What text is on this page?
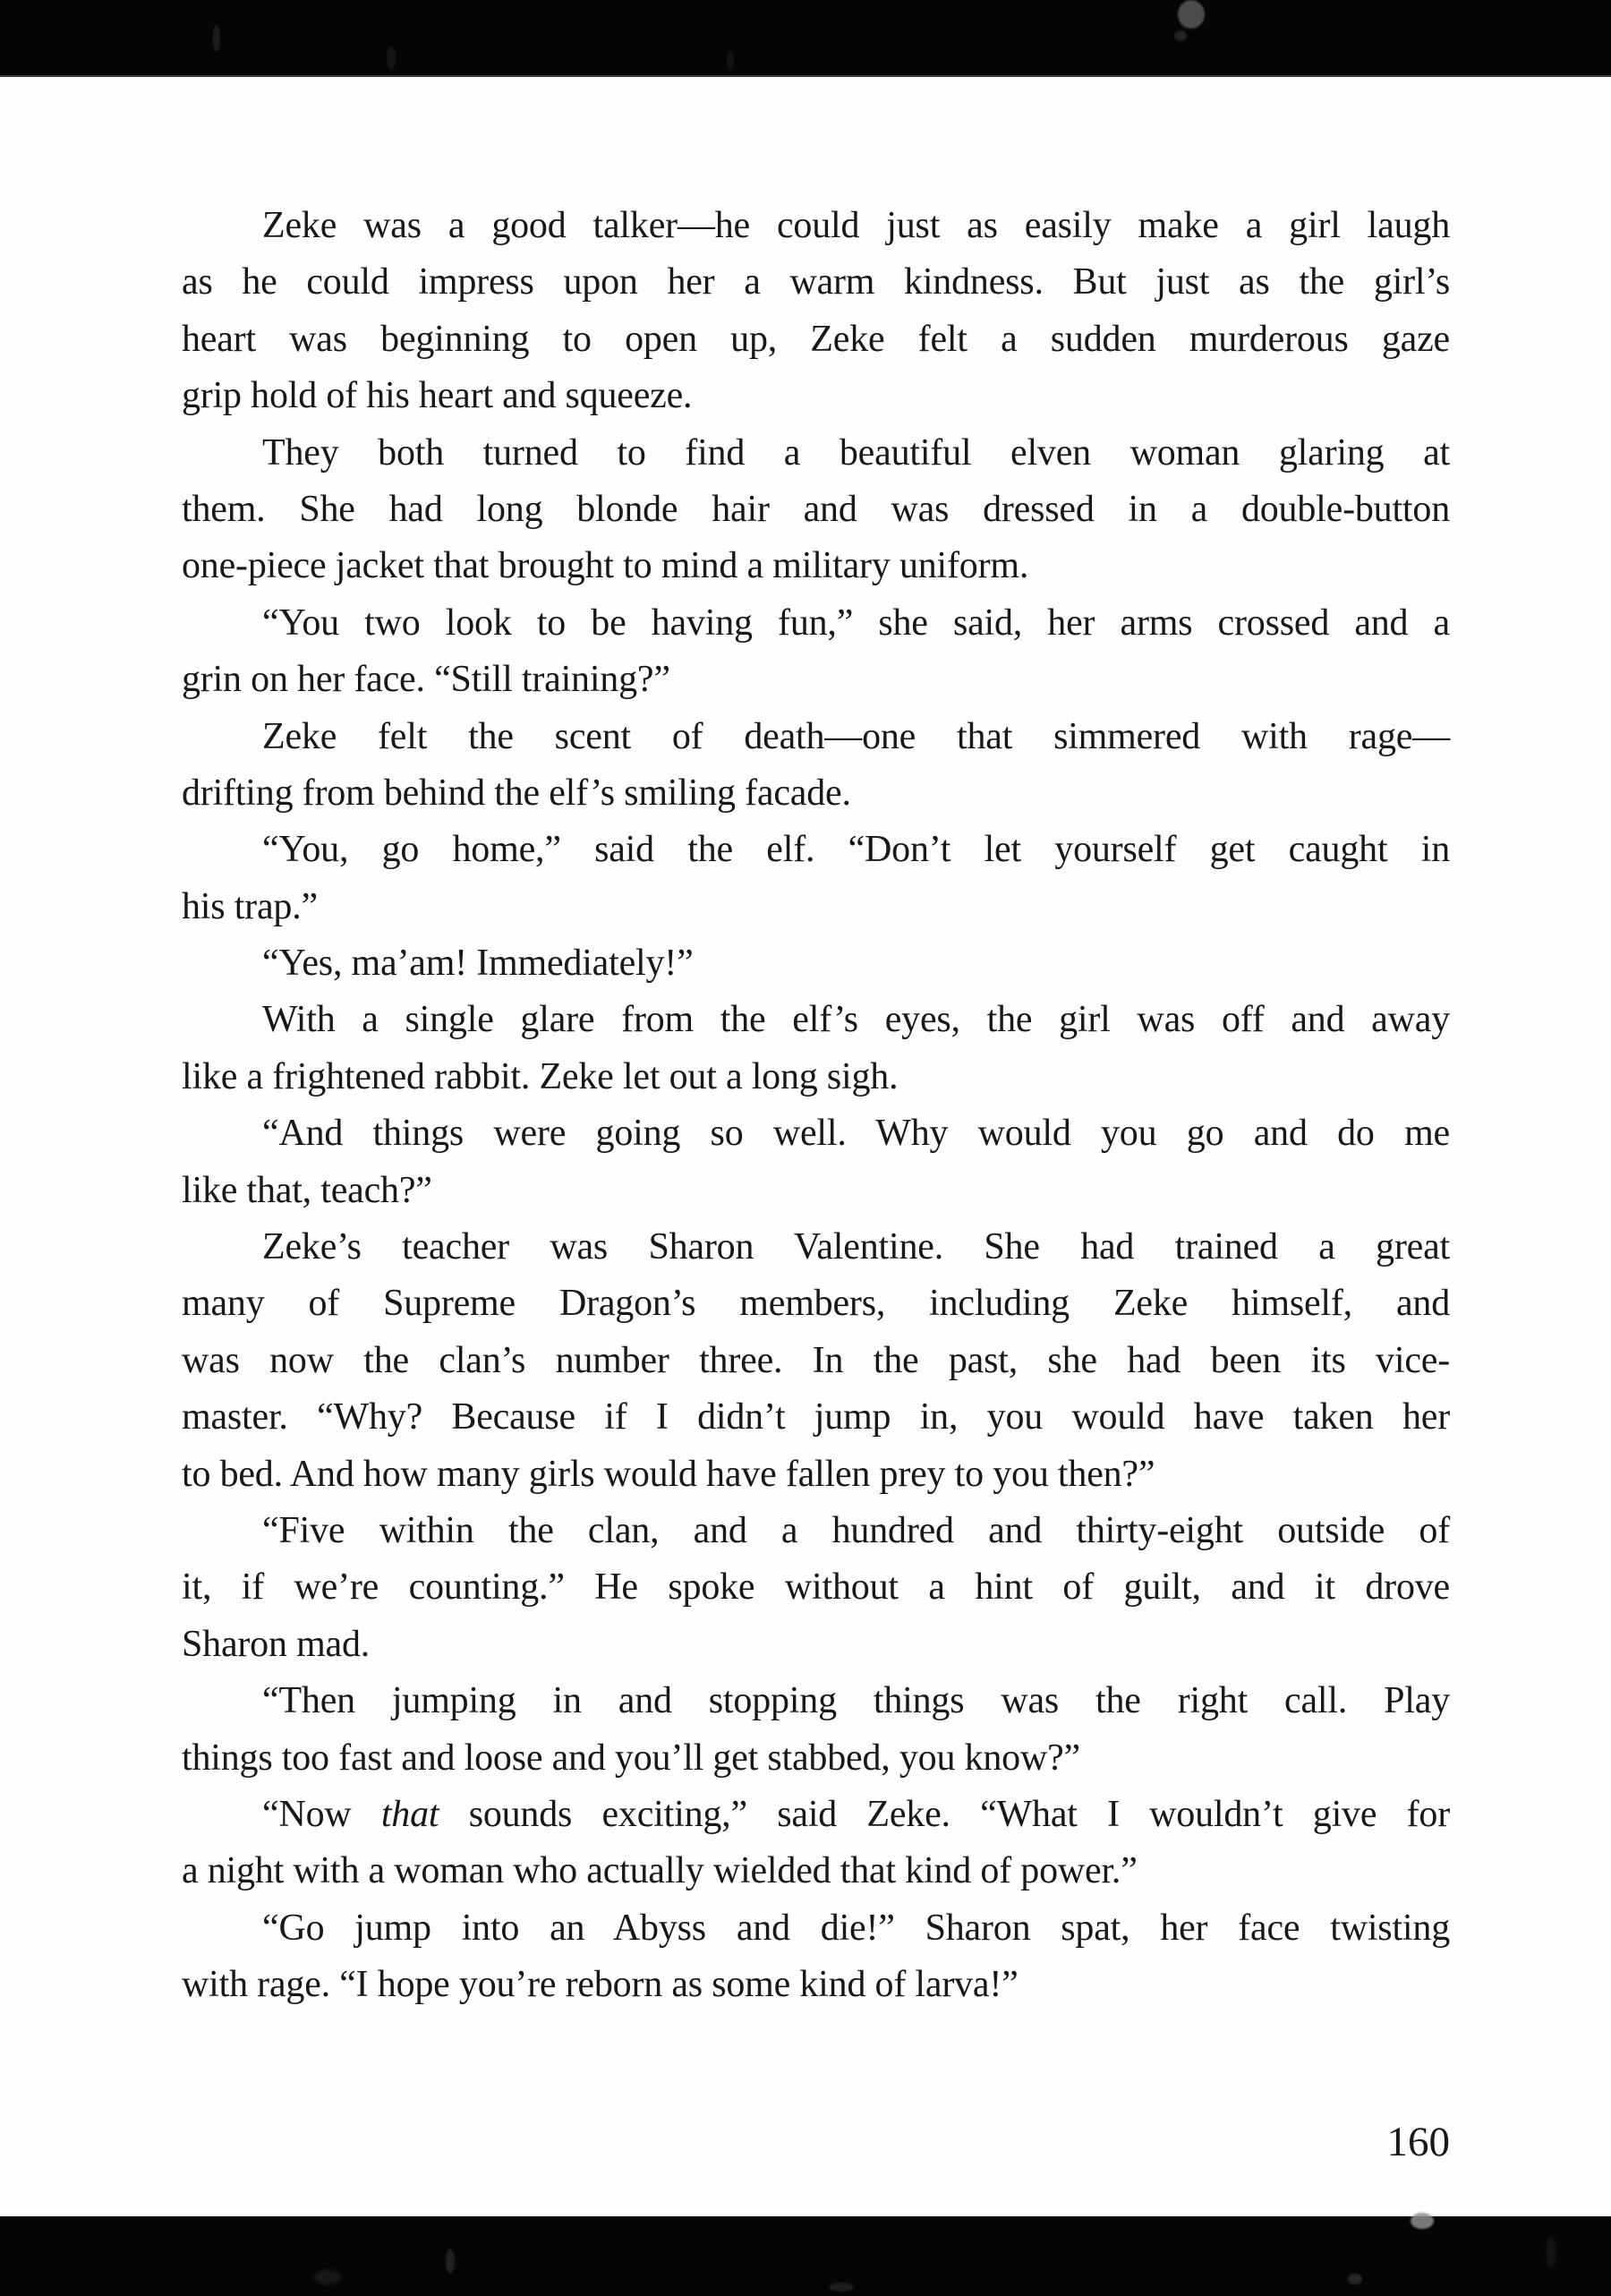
Zeke was a good talker—he could just as easily make a girl laugh
as he could impress upon her a warm kindness. But just as the girl’s
heart was beginning to open up, Zeke felt a sudden murderous gaze
grip hold of his heart and squeeze.
They both turned to find a beautiful elven woman glaring at
them. She had long blonde hair and was dressed in a double-button
one-piece jacket that brought to mind a military uniform.
“You two look to be having fun,” she said, her arms crossed and a
grin on her face. “Still training?”
Zeke felt the scent of death—one that simmered with rage—
drifting from behind the elf’s smiling facade.
“You, go home,” said the elf. “Don’t let yourself get caught in
his trap.”
“Yes, ma’am! Immediately!”
With a single glare from the elf’s eyes, the girl was off and away
like a frightened rabbit. Zeke let out a long sigh.
“And things were going so well. Why would you go and do me
like that, teach?”
Zeke’s teacher was Sharon Valentine. She had trained a great
many of Supreme Dragon’s members, including Zeke himself, and
was now the clan’s number three. In the past, she had been its vice-
master. “Why? Because if I didn’t jump in, you would have taken her
to bed. And how many girls would have fallen prey to you then?”
“Five within the clan, and a hundred and thirty-eight outside of
it, if we’re counting.” He spoke without a hint of guilt, and it drove
Sharon mad.
“Then jumping in and stopping things was the right call. Play
things too fast and loose and you’ll get stabbed, you know?”
“Now that sounds exciting,” said Zeke. “What I wouldn’t give for
a night with a woman who actually wielded that kind of power.”
“Go jump into an Abyss and die!” Sharon spat, her face twisting
with rage. “I hope you’re reborn as some kind of larva!”
160
